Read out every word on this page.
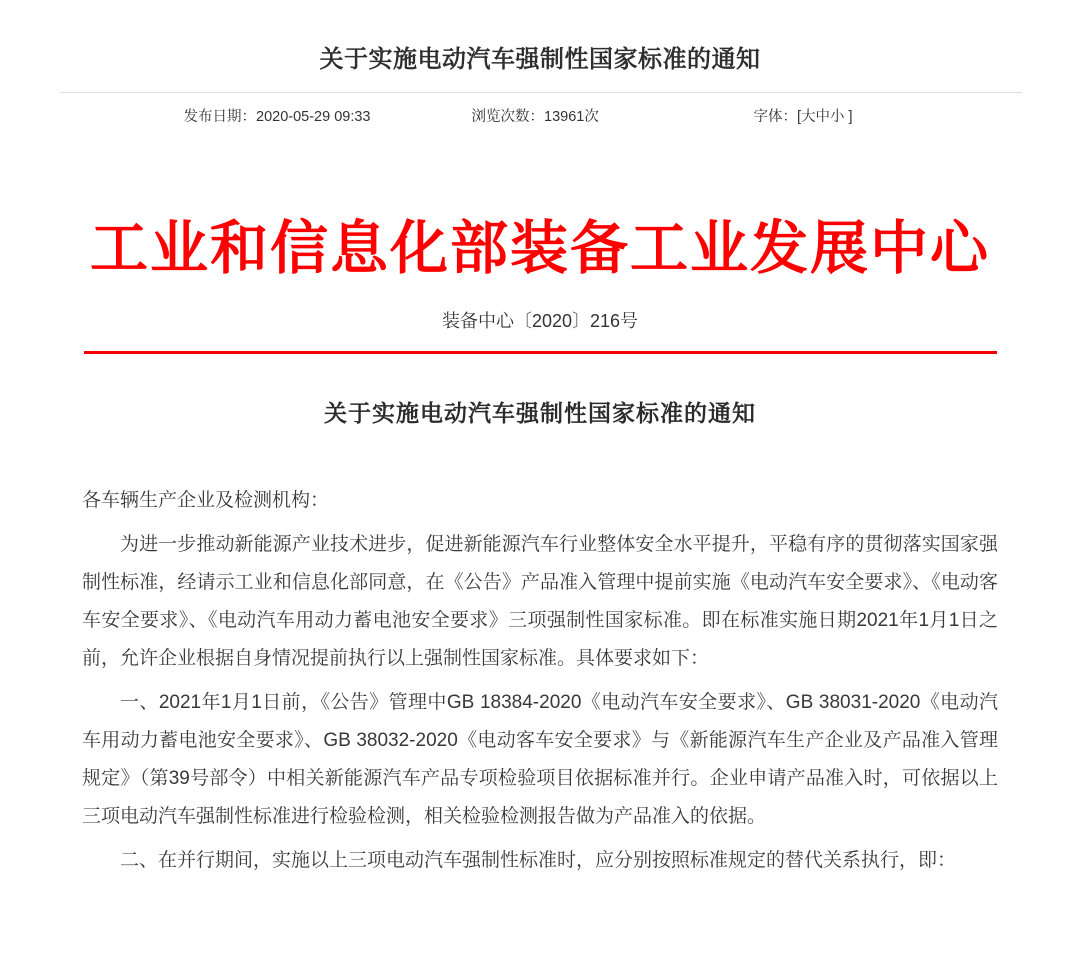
关于实施电动汽车强制性国家标准的通知
发布日期：2020-05-29 09:33	浏览次数：13961次	字体：[大中小 ]
工业和信息化部装备工业发展中心
装备中心〔2020〕216号
关于实施电动汽车强制性国家标准的通知

各车辆生产企业及检测机构：

为进一步推动新能源产业技术进步，促进新能源汽车行业整体安全水平提升，平稳有序的贯彻落实国家强制性标准，经请示工业和信息化部同意，在《公告》产品准入管理中提前实施《电动汽车安全要求》、《电动客车安全要求》、《电动汽车用动力蓄电池安全要求》三项强制性国家标准。即在标准实施日期2021年1月1日之前，允许企业根据自身情况提前执行以上强制性国家标准。具体要求如下：

一、2021年1月1日前，《公告》管理中GB 18384-2020《电动汽车安全要求》、GB 38031-2020《电动汽车用动力蓄电池安全要求》、GB 38032-2020《电动客车安全要求》与《新能源汽车生产企业及产品准入管理规定》（第39号部令）中相关新能源汽车产品专项检验项目依据标准并行。企业申请产品准入时，可依据以上三项电动汽车强制性标准进行检验检测，相关检验检测报告做为产品准入的依据。

二、在并行期间，实施以上三项电动汽车强制性标准时，应分别按照标准规定的替代关系执行，即：
